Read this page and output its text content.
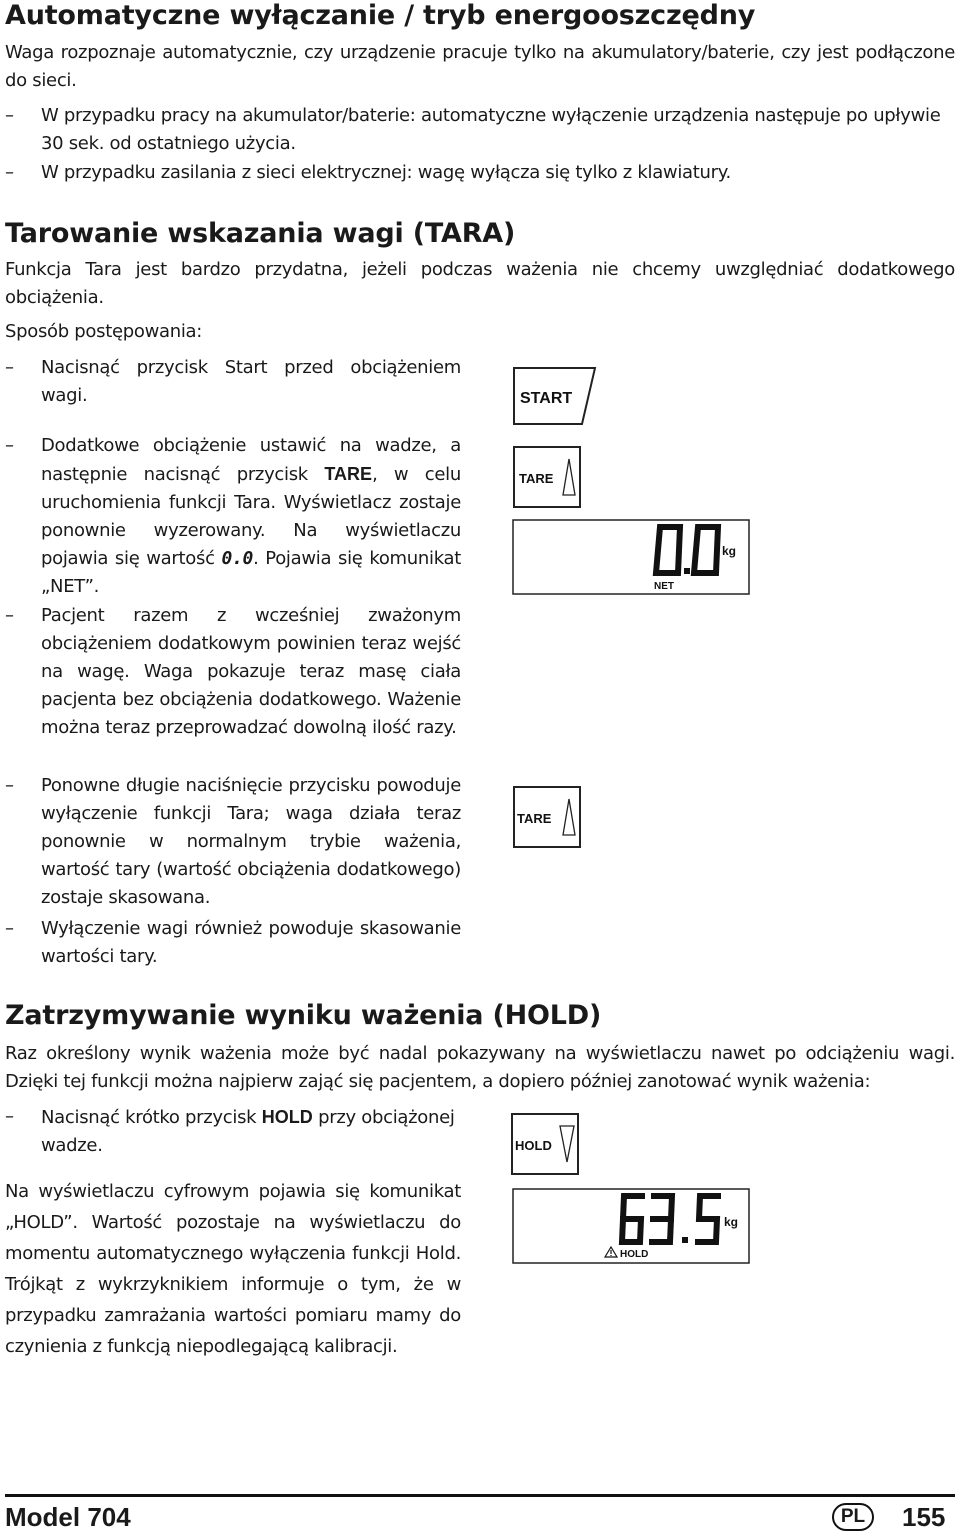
Automatyczne wyłączanie / tryb energooszczędny

Waga rozpoznaje automatycznie, czy urządzenie pracuje tylko na akumulatory/baterie, czy jest podłączone do sieci.

– W przypadku pracy na akumulator/baterie: automatyczne wyłączenie urządzenia następuje po upływie 30 sek. od ostatniego użycia.

– W przypadku zasilania z sieci elektrycznej: wagę wyłącza się tylko z klawiatury.

Tarowanie wskazania wagi (TARA)

Funkcja Tara jest bardzo przydatna, jeżeli podczas ważenia nie chcemy uwzględniać dodatkowego obciążenia.

Sposób postępowania:

– Nacisnąć przycisk Start przed obciążeniem wagi.

– Dodatkowe obciążenie ustawić na wadze, a następnie nacisnąć przycisk TARE, w celu uruchomienia funkcji Tara. Wyświetlacz zostaje ponownie wyzerowany. Na wyświetlaczu pojawia się wartość 0.0. Pojawia się komunikat „NET”.

– Pacjent razem z wcześniej zważonym obciążeniem dodatkowym powinien teraz wejść na wagę. Waga pokazuje teraz masę ciała pacjenta bez obciążenia dodatkowego. Ważenie można teraz przeprowadzać dowolną ilość razy.

– Ponowne długie naciśnięcie przycisku powoduje wyłączenie funkcji Tara; waga działa teraz ponownie w normalnym trybie ważenia, wartość tary (wartość obciążenia dodatkowego) zostaje skasowana.

– Wyłączenie wagi również powoduje skasowanie wartości tary.

START
TARE
kg
NET
TARE
Zatrzymywanie wyniku ważenia (HOLD)

Raz określony wynik ważenia może być nadal pokazywany na wyświetlaczu nawet po odciążeniu wagi. Dzięki tej funkcji można najpierw zająć się pacjentem, a dopiero później zanotować wynik ważenia:

– Nacisnąć krótko przycisk HOLD przy obciążonej wadze.

Na wyświetlaczu cyfrowym pojawia się komunikat „HOLD”. Wartość pozostaje na wyświetlaczu do momentu automatycznego wyłączenia funkcji Hold. Trójkąt z wykrzyknikiem informuje o tym, że w przypadku zamrażania wartości pomiaru mamy do czynienia z funkcją niepodlegającą kalibracji.

HOLD
kg
HOLD
Model 704	PL	155
